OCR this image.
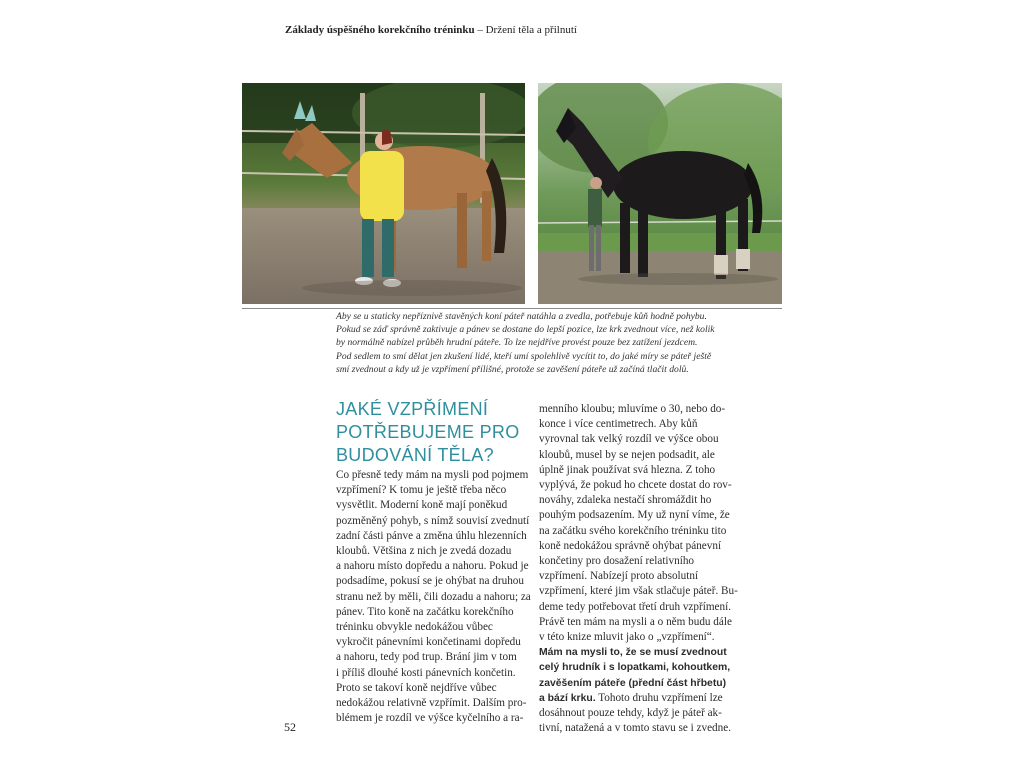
Základy úspěšného korekčního tréninku – Držení těla a přilnutí
Aby se u staticky nepříznivě stavěných koní páteř natáhla a zvedla, potřebuje kůň hodně pohybu.
Pokud se záď správně zaktivuje a pánev se dostane do lepší pozice, lze krk zvednout více, než kolik
by normálně nabízel průběh hrudní páteře. To lze nejdříve provést pouze bez zatížení jezdcem.
Pod sedlem to smí dělat jen zkušení lidé, kteří umí spolehlivě vycítit to, do jaké míry se páteř ještě
smí zvednout a kdy už je vzpřímení přílišné, protože se zavěšení páteře už začíná tlačit dolů.
JAKÉ VZPŘÍMENÍ
POTŘEBUJEME PRO
BUDOVÁNÍ TĚLA?
Co přesně tedy mám na mysli pod pojmem
vzpřímení? K tomu je ještě třeba něco
vysvětlit. Moderní koně mají poněkud
pozměněný pohyb, s nímž souvisí zvednutí
zadní části pánve a změna úhlu hlezenních
kloubů. Většina z nich je zvedá dozadu
a nahoru místo dopředu a nahoru. Pokud je
podsadíme, pokusí se je ohýbat na druhou
stranu než by měli, čili dozadu a nahoru; za
pánev. Tito koně na začátku korekčního
tréninku obvykle nedokážou vůbec
vykročit pánevními končetinami dopředu
a nahoru, tedy pod trup. Brání jim v tom
i příliš dlouhé kosti pánevních končetin.
Proto se takoví koně nejdříve vůbec
nedokážou relativně vzpřímit. Dalším pro-
blémem je rozdíl ve výšce kyčelního a ra-
menního kloubu; mluvíme o 30, nebo do-
konce i více centimetrech. Aby kůň
vyrovnal tak velký rozdíl ve výšce obou
kloubů, musel by se nejen podsadit, ale
úplně jinak používat svá hlezna. Z toho
vyplývá, že pokud ho chcete dostat do rov-
nováhy, zdaleka nestačí shromáždit ho
pouhým podsazením. My už nyní víme, že
na začátku svého korekčního tréninku tito
koně nedokážou správně ohýbat pánevní
končetiny pro dosažení relativního
vzpřímení. Nabízejí proto absolutní
vzpřímení, které jim však stlačuje páteř. Bu-
deme tedy potřebovat třetí druh vzpřímení.
Právě ten mám na mysli a o něm budu dále
v této knize mluvit jako o „vzpřímení“.
Mám na mysli to, že se musí zvednout
celý hrudník i s lopatkami, kohoutkem,
zavěšením páteře (přední část hřbetu)
a bází krku. Tohoto druhu vzpřímení lze
dosáhnout pouze tehdy, když je páteř ak-
tivní, natažená a v tomto stavu se i zvedne.
52
